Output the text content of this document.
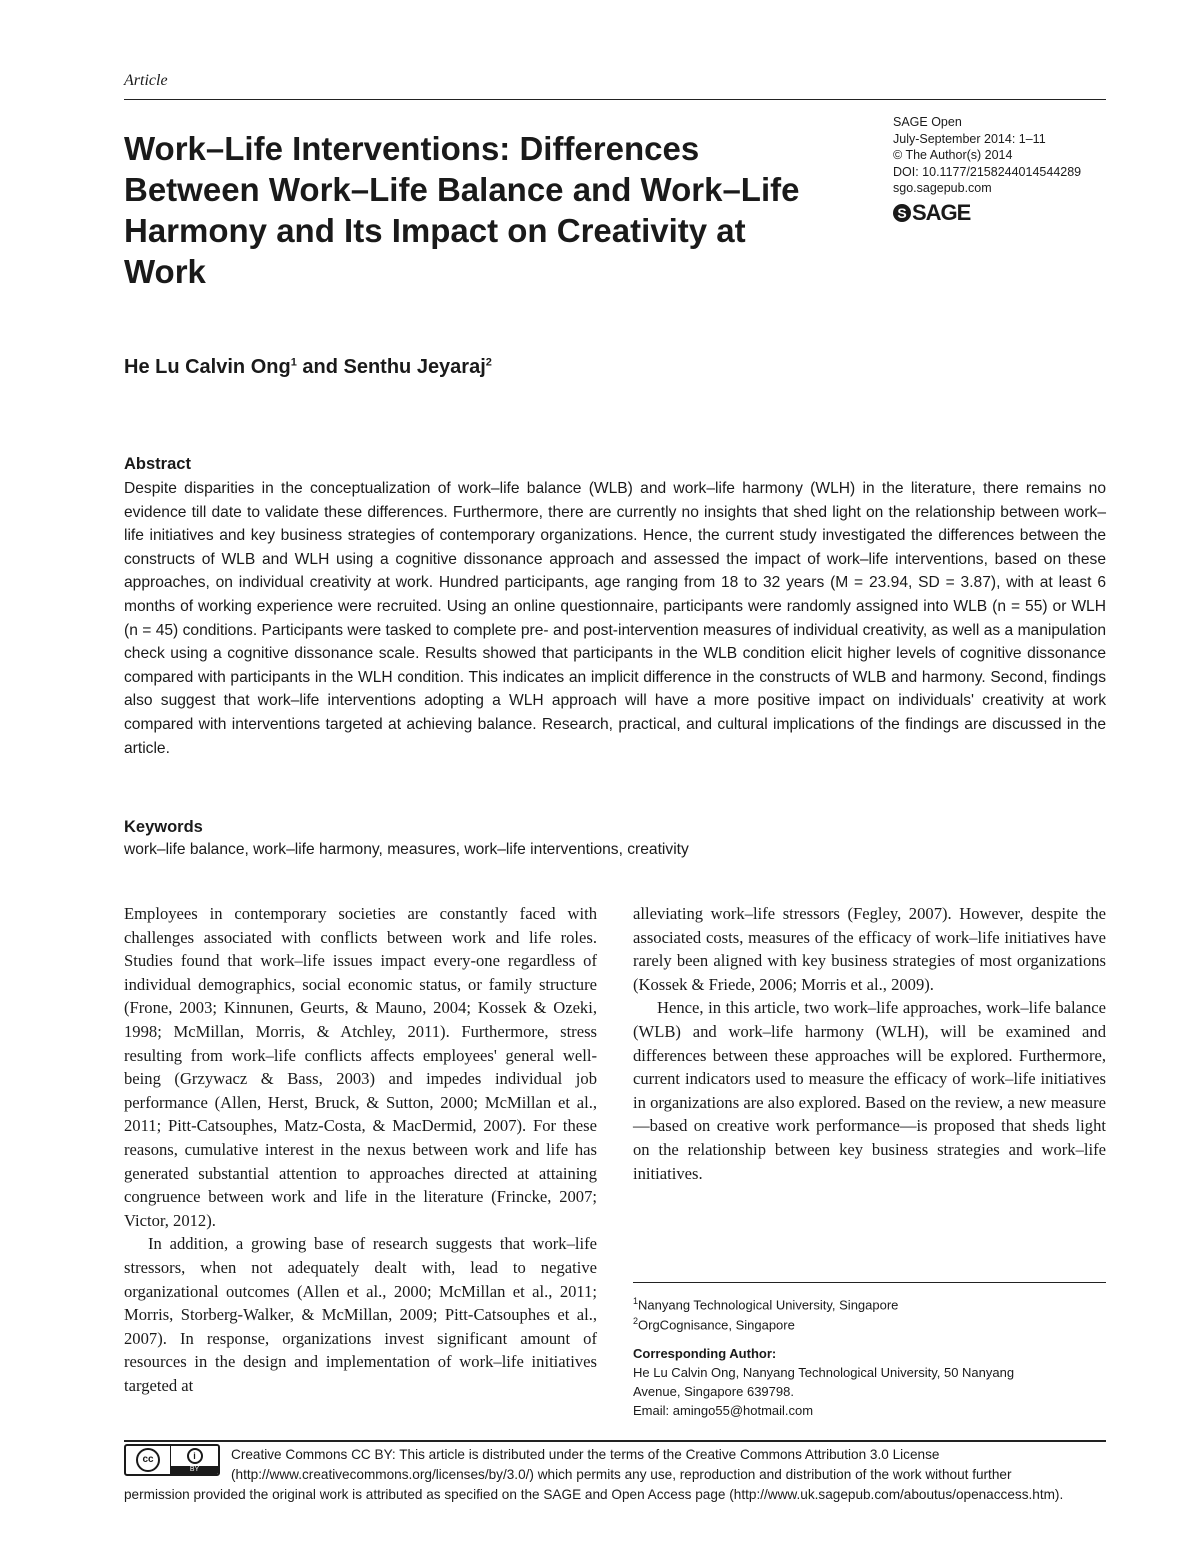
Article
Work–Life Interventions: Differences Between Work–Life Balance and Work–Life Harmony and Its Impact on Creativity at Work
SAGE Open
July-September 2014: 1–11
© The Author(s) 2014
DOI: 10.1177/2158244014544289
sgo.sagepub.com
S SAGE
He Lu Calvin Ong$^1$ and Senthu Jeyaraj$^2$
Abstract

Despite disparities in the conceptualization of work–life balance (WLB) and work–life harmony (WLH) in the literature, there remains no evidence till date to validate these differences. Furthermore, there are currently no insights that shed light on the relationship between work–life initiatives and key business strategies of contemporary organizations. Hence, the current study investigated the differences between the constructs of WLB and WLH using a cognitive dissonance approach and assessed the impact of work–life interventions, based on these approaches, on individual creativity at work. Hundred participants, age ranging from 18 to 32 years (M = 23.94, SD = 3.87), with at least 6 months of working experience were recruited. Using an online questionnaire, participants were randomly assigned into WLB (n = 55) or WLH (n = 45) conditions. Participants were tasked to complete pre- and post-intervention measures of individual creativity, as well as a manipulation check using a cognitive dissonance scale. Results showed that participants in the WLB condition elicit higher levels of cognitive dissonance compared with participants in the WLH condition. This indicates an implicit difference in the constructs of WLB and harmony. Second, findings also suggest that work–life interventions adopting a WLH approach will have a more positive impact on individuals' creativity at work compared with interventions targeted at achieving balance. Research, practical, and cultural implications of the findings are discussed in the article.

Keywords
work–life balance, work–life harmony, measures, work–life interventions, creativity

Employees in contemporary societies are constantly faced with challenges associated with conflicts between work and life roles. Studies found that work–life issues impact every-one regardless of individual demographics, social economic status, or family structure (Frone, 2003; Kinnunen, Geurts, & Mauno, 2004; Kossek & Ozeki, 1998; McMillan, Morris, & Atchley, 2011). Furthermore, stress resulting from work–life conflicts affects employees' general well-being (Grzywacz & Bass, 2003) and impedes individual job performance (Allen, Herst, Bruck, & Sutton, 2000; McMillan et al., 2011; Pitt-Catsouphes, Matz-Costa, & MacDermid, 2007). For these reasons, cumulative interest in the nexus between work and life has generated substantial attention to approaches directed at attaining congruence between work and life in the literature (Frincke, 2007; Victor, 2012).

In addition, a growing base of research suggests that work–life stressors, when not adequately dealt with, lead to negative organizational outcomes (Allen et al., 2000; McMillan et al., 2011; Morris, Storberg-Walker, & McMillan, 2009; Pitt-Catsouphes et al., 2007). In response, organizations invest significant amount of resources in the design and implementation of work–life initiatives targeted at

alleviating work–life stressors (Fegley, 2007). However, despite the associated costs, measures of the efficacy of work–life initiatives have rarely been aligned with key business strategies of most organizations (Kossek & Friede, 2006; Morris et al., 2009).

Hence, in this article, two work–life approaches, work–life balance (WLB) and work–life harmony (WLH), will be examined and differences between these approaches will be explored. Furthermore, current indicators used to measure the efficacy of work–life initiatives in organizations are also explored. Based on the review, a new measure—based on creative work performance—is proposed that sheds light on the relationship between key business strategies and work–life initiatives.

$^1$Nanyang Technological University, Singapore
$^2$OrgCognisance, Singapore
Corresponding Author:
He Lu Calvin Ong, Nanyang Technological University, 50 Nanyang
Avenue, Singapore 639798.
Email: amingo55@hotmail.com
Creative Commons CC BY: This article is distributed under the terms of the Creative Commons Attribution 3.0 License
(http://www.creativecommons.org/licenses/by/3.0/) which permits any use, reproduction and distribution of the work without further
permission provided the original work is attributed as specified on the SAGE and Open Access page (http://www.uk.sagepub.com/aboutus/openaccess.htm).
cc	i
BY
